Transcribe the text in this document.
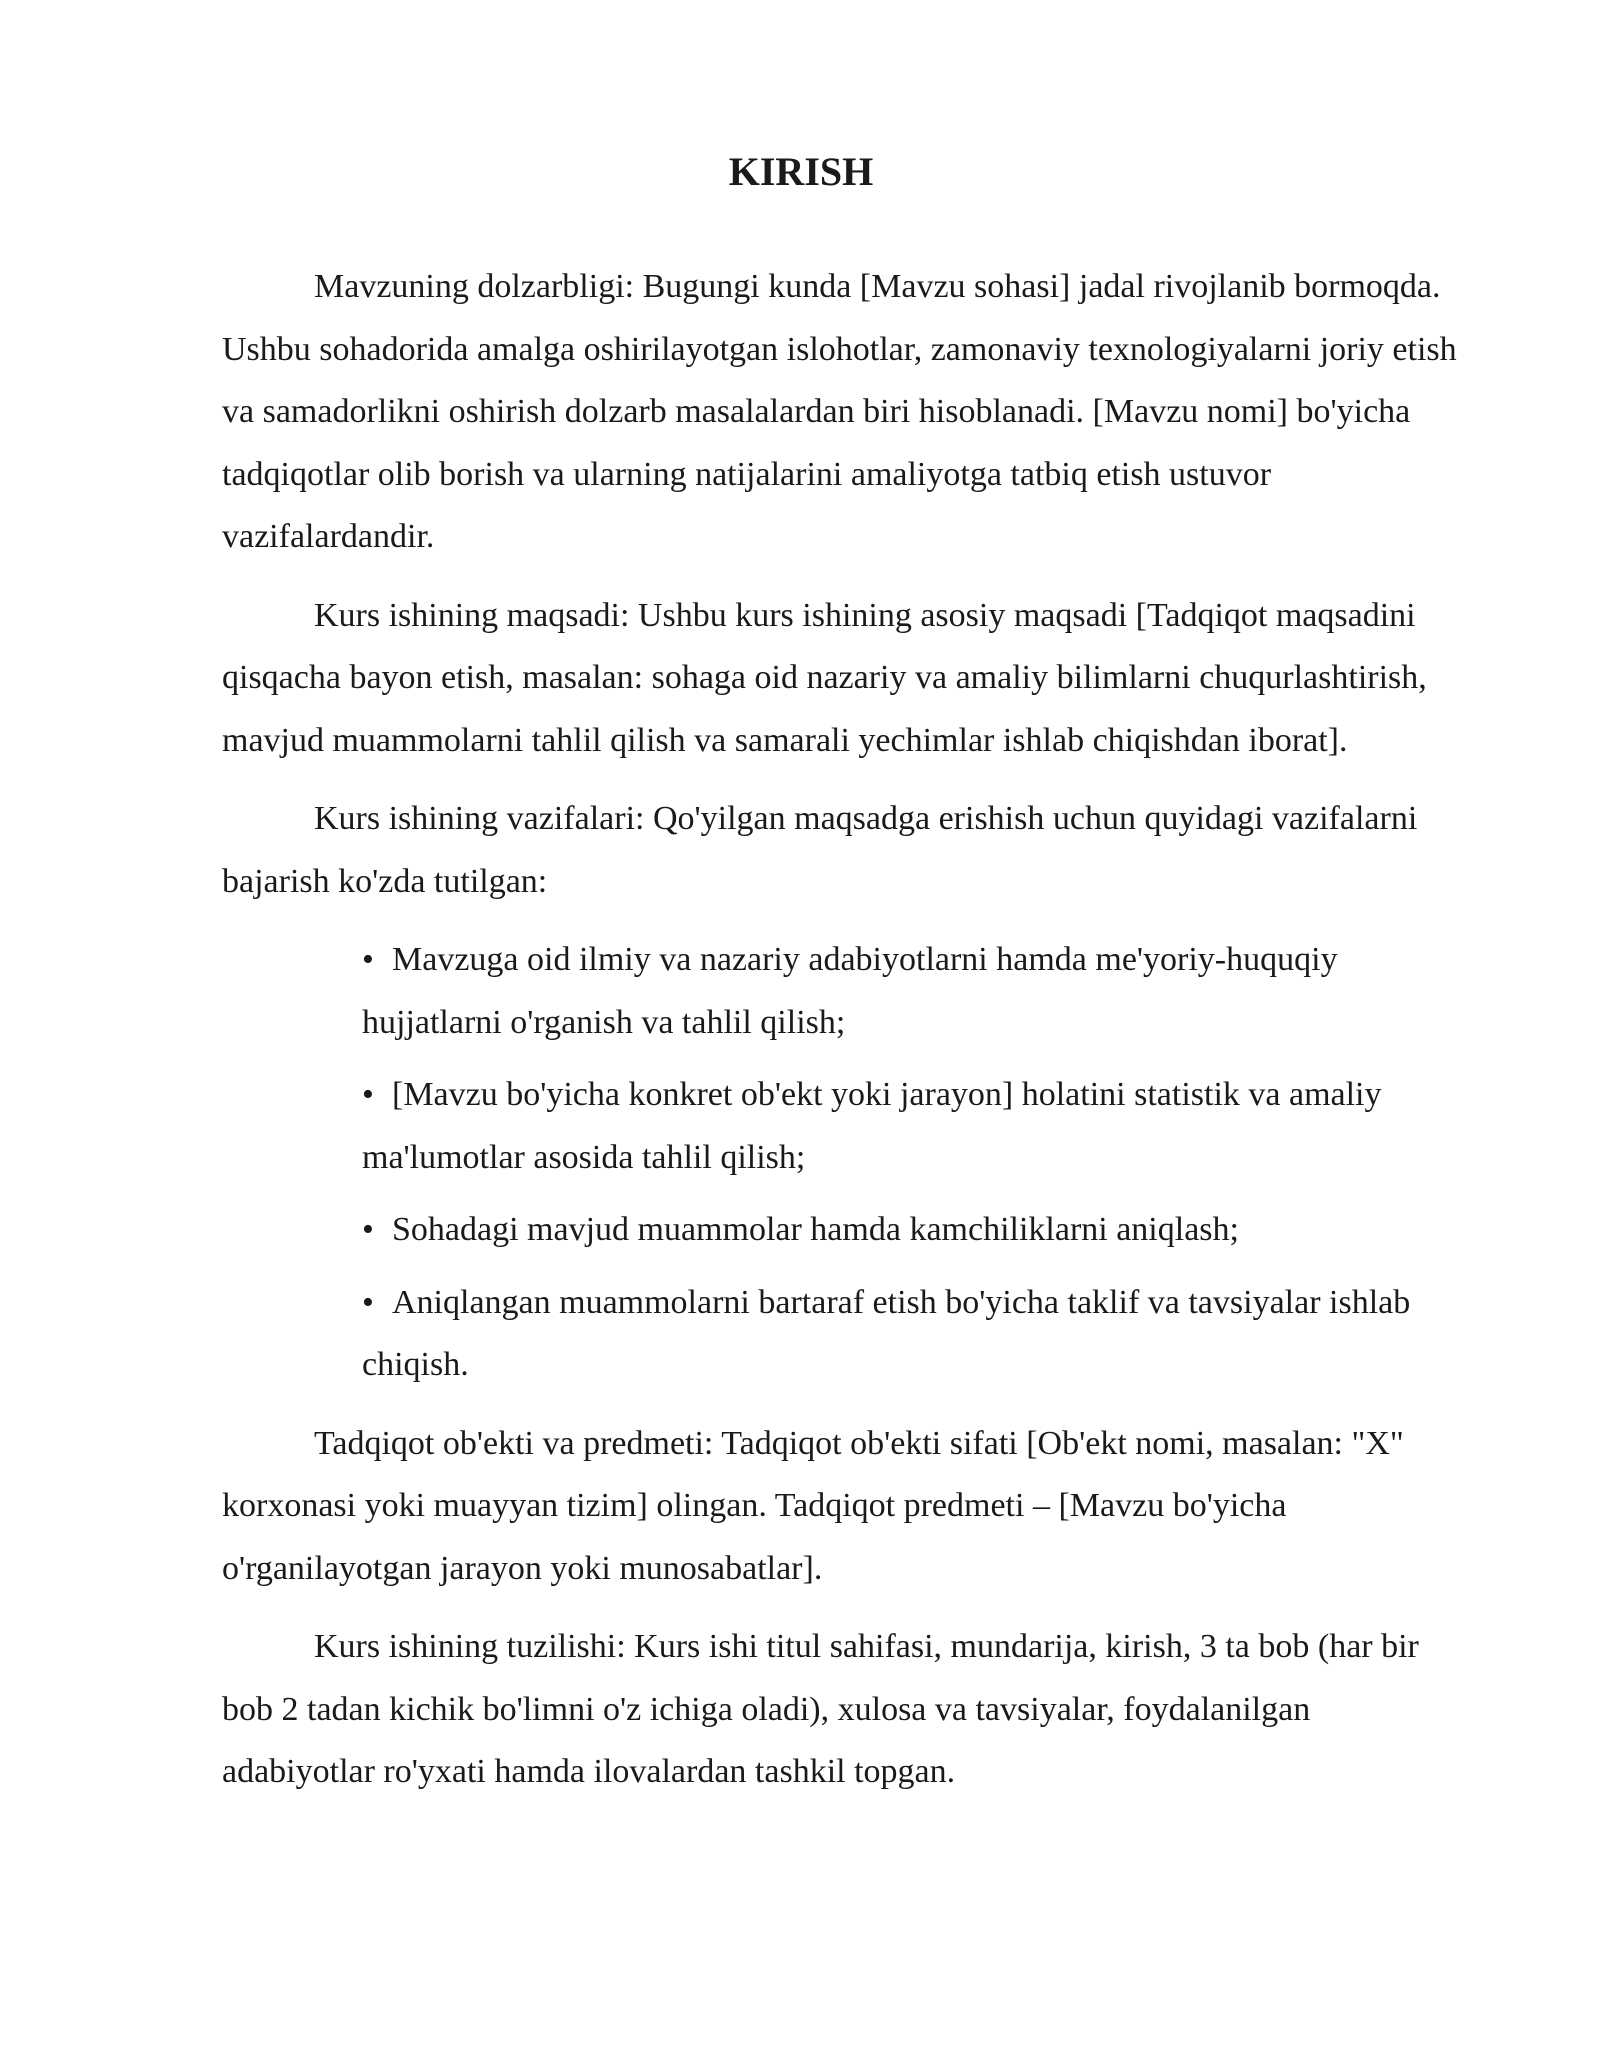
KIRISH

Mavzuning dolzarbligi: Bugungi kunda [Mavzu sohasi] jadal rivojlanib bormoqda. Ushbu sohadorida amalga oshirilayotgan islohotlar, zamonaviy texnologiyalarni joriy etish va samadorlikni oshirish dolzarb masalalardan biri hisoblanadi. [Mavzu nomi] bo'yicha tadqiqotlar olib borish va ularning natijalarini amaliyotga tatbiq etish ustuvor vazifalardandir.

Kurs ishining maqsadi: Ushbu kurs ishining asosiy maqsadi [Tadqiqot maqsadini qisqacha bayon etish, masalan: sohaga oid nazariy va amaliy bilimlarni chuqurlashtirish, mavjud muammolarni tahlil qilish va samarali yechimlar ishlab chiqishdan iborat].

Kurs ishining vazifalari: Qo'yilgan maqsadga erishish uchun quyidagi vazifalarni bajarish ko'zda tutilgan:

• Mavzuga oid ilmiy va nazariy adabiyotlarni hamda me'yoriy-huquqiy hujjatlarni o'rganish va tahlil qilish;
• [Mavzu bo'yicha konkret ob'ekt yoki jarayon] holatini statistik va amaliy ma'lumotlar asosida tahlil qilish;
• Sohadagi mavjud muammolar hamda kamchiliklarni aniqlash;
• Aniqlangan muammolarni bartaraf etish bo'yicha taklif va tavsiyalar ishlab chiqish.

Tadqiqot ob'ekti va predmeti: Tadqiqot ob'ekti sifati [Ob'ekt nomi, masalan: "X" korxonasi yoki muayyan tizim] olingan. Tadqiqot predmeti – [Mavzu bo'yicha o'rganilayotgan jarayon yoki munosabatlar].

Kurs ishining tuzilishi: Kurs ishi titul sahifasi, mundarija, kirish, 3 ta bob (har bir bob 2 tadan kichik bo'limni o'z ichiga oladi), xulosa va tavsiyalar, foydalanilgan adabiyotlar ro'yxati hamda ilovalardan tashkil topgan.
